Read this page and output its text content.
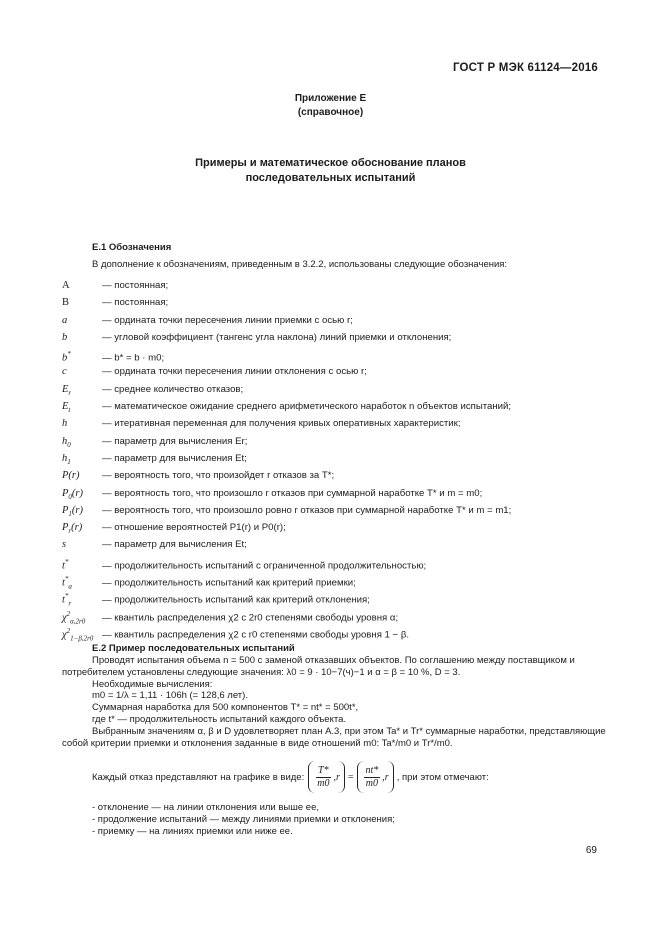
ГОСТ Р МЭК 61124—2016
Приложение Е
(справочное)
Примеры и математическое обоснование планов
последовательных испытаний
Е.1 Обозначения
В дополнение к обозначениям, приведенным в 3.2.2, использованы следующие обозначения:
A	— постоянная;
B	— постоянная;
a	— ордината точки пересечения линии приемки с осью r;
b	— угловой коэффициент (тангенс угла наклона) линий приемки и отклонения;
b*	— b* = b · m0;
c	— ордината точки пересечения линии отклонения с осью r;
$E_r$	— среднее количество отказов;
$E_t$	— математическое ожидание среднего арифметического наработок n объектов испытаний;
h	— итеративная переменная для получения кривых оперативных характеристик;
$h_0$	— параметр для вычисления Er;
$h_1$	— параметр для вычисления Et;
P(r) — вероятность того, что произойдет r отказов за T*;
$P_0(r)$ — вероятность того, что произошло r отказов при суммарной наработке T* и m = m0;
$P_1(r)$ — вероятность того, что произошло ровно r отказов при суммарной наработке T* и m = m1;
$P_r(r)$ — отношение вероятностей P1(r) и P0(r);
s	— параметр для вычисления Et;
t*	— продолжительность испытаний с ограниченной продолжительностью;
$t^*_a$	— продолжительность испытаний как критерий приемки;
$t^*_r$	— продолжительность испытаний как критерий отклонения;
$\chi^2_{\alpha,2r0}$ — квантиль распределения χ2 с 2r0 степенями свободы уровня α;
$\chi^2_{1-\beta,2r0}$ — квантиль распределения χ2 с r0 степенями свободы уровня 1 − β.
Е.2 Пример последовательных испытаний

Проводят испытания объема n = 500 с заменой отказавших объектов. По соглашению между поставщиком и потребителем установлены следующие значения: λ0 = 9 · 10−7(ч)−1 и α = β = 10 %, D = 3.

Необходимые вычисления:

m0 = 1/λ = 1,11 · 106h (= 128,6 лет).

Суммарная наработка для 500 компонентов T* = nt* = 500t*,

где t* — продолжительность испытаний каждого объекта.

Выбранным значениям α, β и D удовлетворяет план А.3, при этом Ta* и Tr* суммарные наработки, представляющие собой критерии приемки и отклонения заданные в виде отношений m0: Ta*/m0 и Tr*/m0.

Каждый отказ представляют на графике в виде: $\frac{T*}{m0}$ , $r = \frac{nt*}{m0}$ , r , при этом отмечают:

- отклонение — на линии отклонения или выше ее,

- продолжение испытаний — между линиями приемки и отклонения;

- приемку — на линиях приемки или ниже ее.

69
